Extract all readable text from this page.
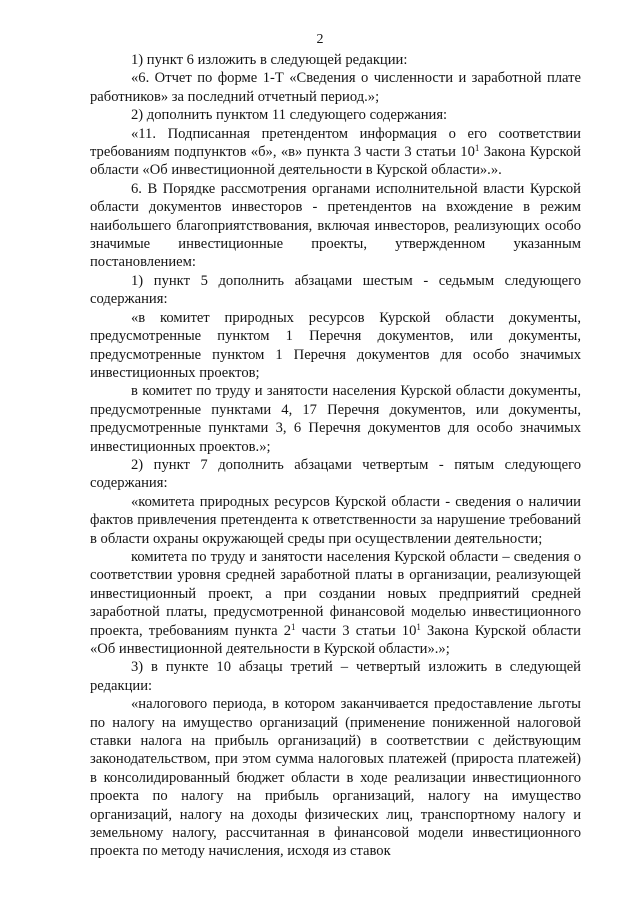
2

1) пункт 6 изложить в следующей редакции:

«6. Отчет по форме 1-Т «Сведения о численности и заработной плате работников» за последний отчетный период.»;

2) дополнить пунктом 11 следующего содержания:

«11. Подписанная претендентом информация о его соответствии требованиям подпунктов «б», «в» пункта 3 части 3 статьи $10^1$ Закона Курской области «Об инвестиционной деятельности в Курской области».».

6. В Порядке рассмотрения органами исполнительной власти Курской области документов инвесторов - претендентов на вхождение в режим наибольшего благоприятствования, включая инвесторов, реализующих особо значимые инвестиционные проекты, утвержденном указанным постановлением:

1) пункт 5 дополнить абзацами шестым - седьмым следующего содержания:

«в комитет природных ресурсов Курской области документы, предусмотренные пунктом 1 Перечня документов, или документы, предусмотренные пунктом 1 Перечня документов для особо значимых инвестиционных проектов;

в комитет по труду и занятости населения Курской области документы, предусмотренные пунктами 4, 17 Перечня документов, или документы, предусмотренные пунктами 3, 6 Перечня документов для особо значимых инвестиционных проектов.»;

2) пункт 7 дополнить абзацами четвертым - пятым следующего содержания:

«комитета природных ресурсов Курской области - сведения о наличии фактов привлечения претендента к ответственности за нарушение требований в области охраны окружающей среды при осуществлении деятельности;

комитета по труду и занятости населения Курской области – сведения о соответствии уровня средней заработной платы в организации, реализующей инвестиционный проект, а при создании новых предприятий средней заработной платы, предусмотренной финансовой моделью инвестиционного проекта, требованиям пункта $2^1$ части 3 статьи $10^1$ Закона Курской области «Об инвестиционной деятельности в Курской области».»;

3) в пункте 10 абзацы третий – четвертый изложить в следующей редакции:

«налогового периода, в котором заканчивается предоставление льготы по налогу на имущество организаций (применение пониженной налоговой ставки налога на прибыль организаций) в соответствии с действующим законодательством, при этом сумма налоговых платежей (прироста платежей) в консолидированный бюджет области в ходе реализации инвестиционного проекта по налогу на прибыль организаций, налогу на имущество организаций, налогу на доходы физических лиц, транспортному налогу и земельному налогу, рассчитанная в финансовой модели инвестиционного проекта по методу начисления, исходя из ставок
